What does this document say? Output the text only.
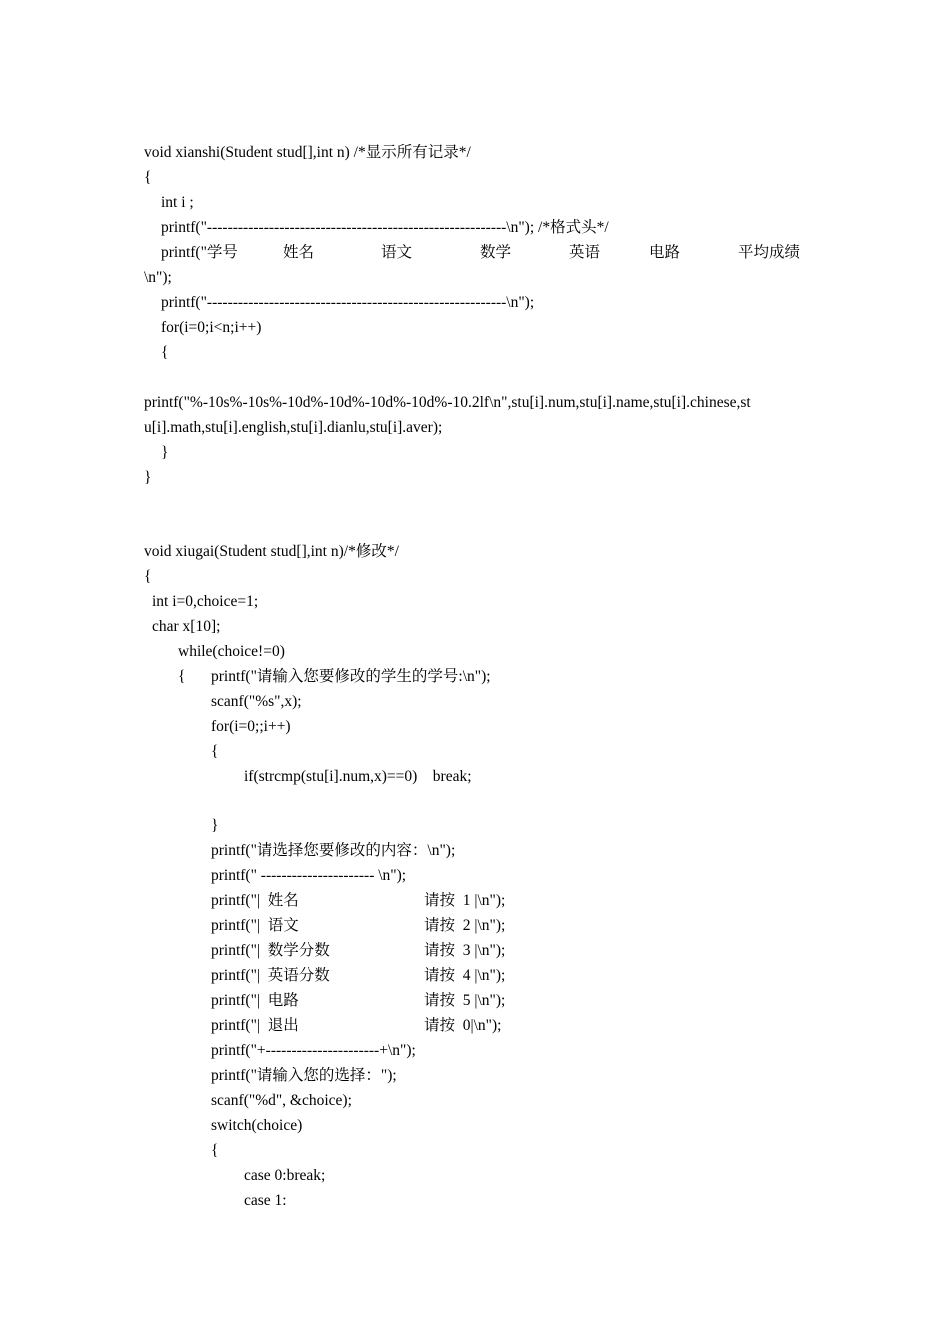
void xianshi(Student stud[],int n) /*显示所有记录*/
{
int i ;
printf("----------------------------------------------------------\n"); /*格式头*/
printf("学号	姓名	语文	数学	英语	电路	平均成绩
\n");
printf("----------------------------------------------------------\n");
for(i=0;i<n;i++)
{
printf("%-10s%-10s%-10d%-10d%-10d%-10d%-10.2lf\n",stu[i].num,stu[i].name,stu[i].chinese,st
u[i].math,stu[i].english,stu[i].dianlu,stu[i].aver);
}
}
void xiugai(Student stud[],int n)/*修改*/
{
int i=0,choice=1;
char x[10];
while(choice!=0)
{ printf("请输入您要修改的学生的学号:\n");
scanf("%s",x);
for(i=0;;i++)
{
if(strcmp(stu[i].num,x)==0)    break;
}
printf("请选择您要修改的内容：\n");
printf(" ---------------------- \n");
printf("|  姓名	请按  1 |\n");
printf("|  语文	请按  2 |\n");
printf("|  数学分数	请按  3 |\n");
printf("|  英语分数	请按  4 |\n");
printf("|  电路	请按  5 |\n");
printf("|  退出	请按  0|\n");
printf("+----------------------+\n");
printf("请输入您的选择：");
scanf("%d", &choice);
switch(choice)
{
case 0:break;
case 1:
